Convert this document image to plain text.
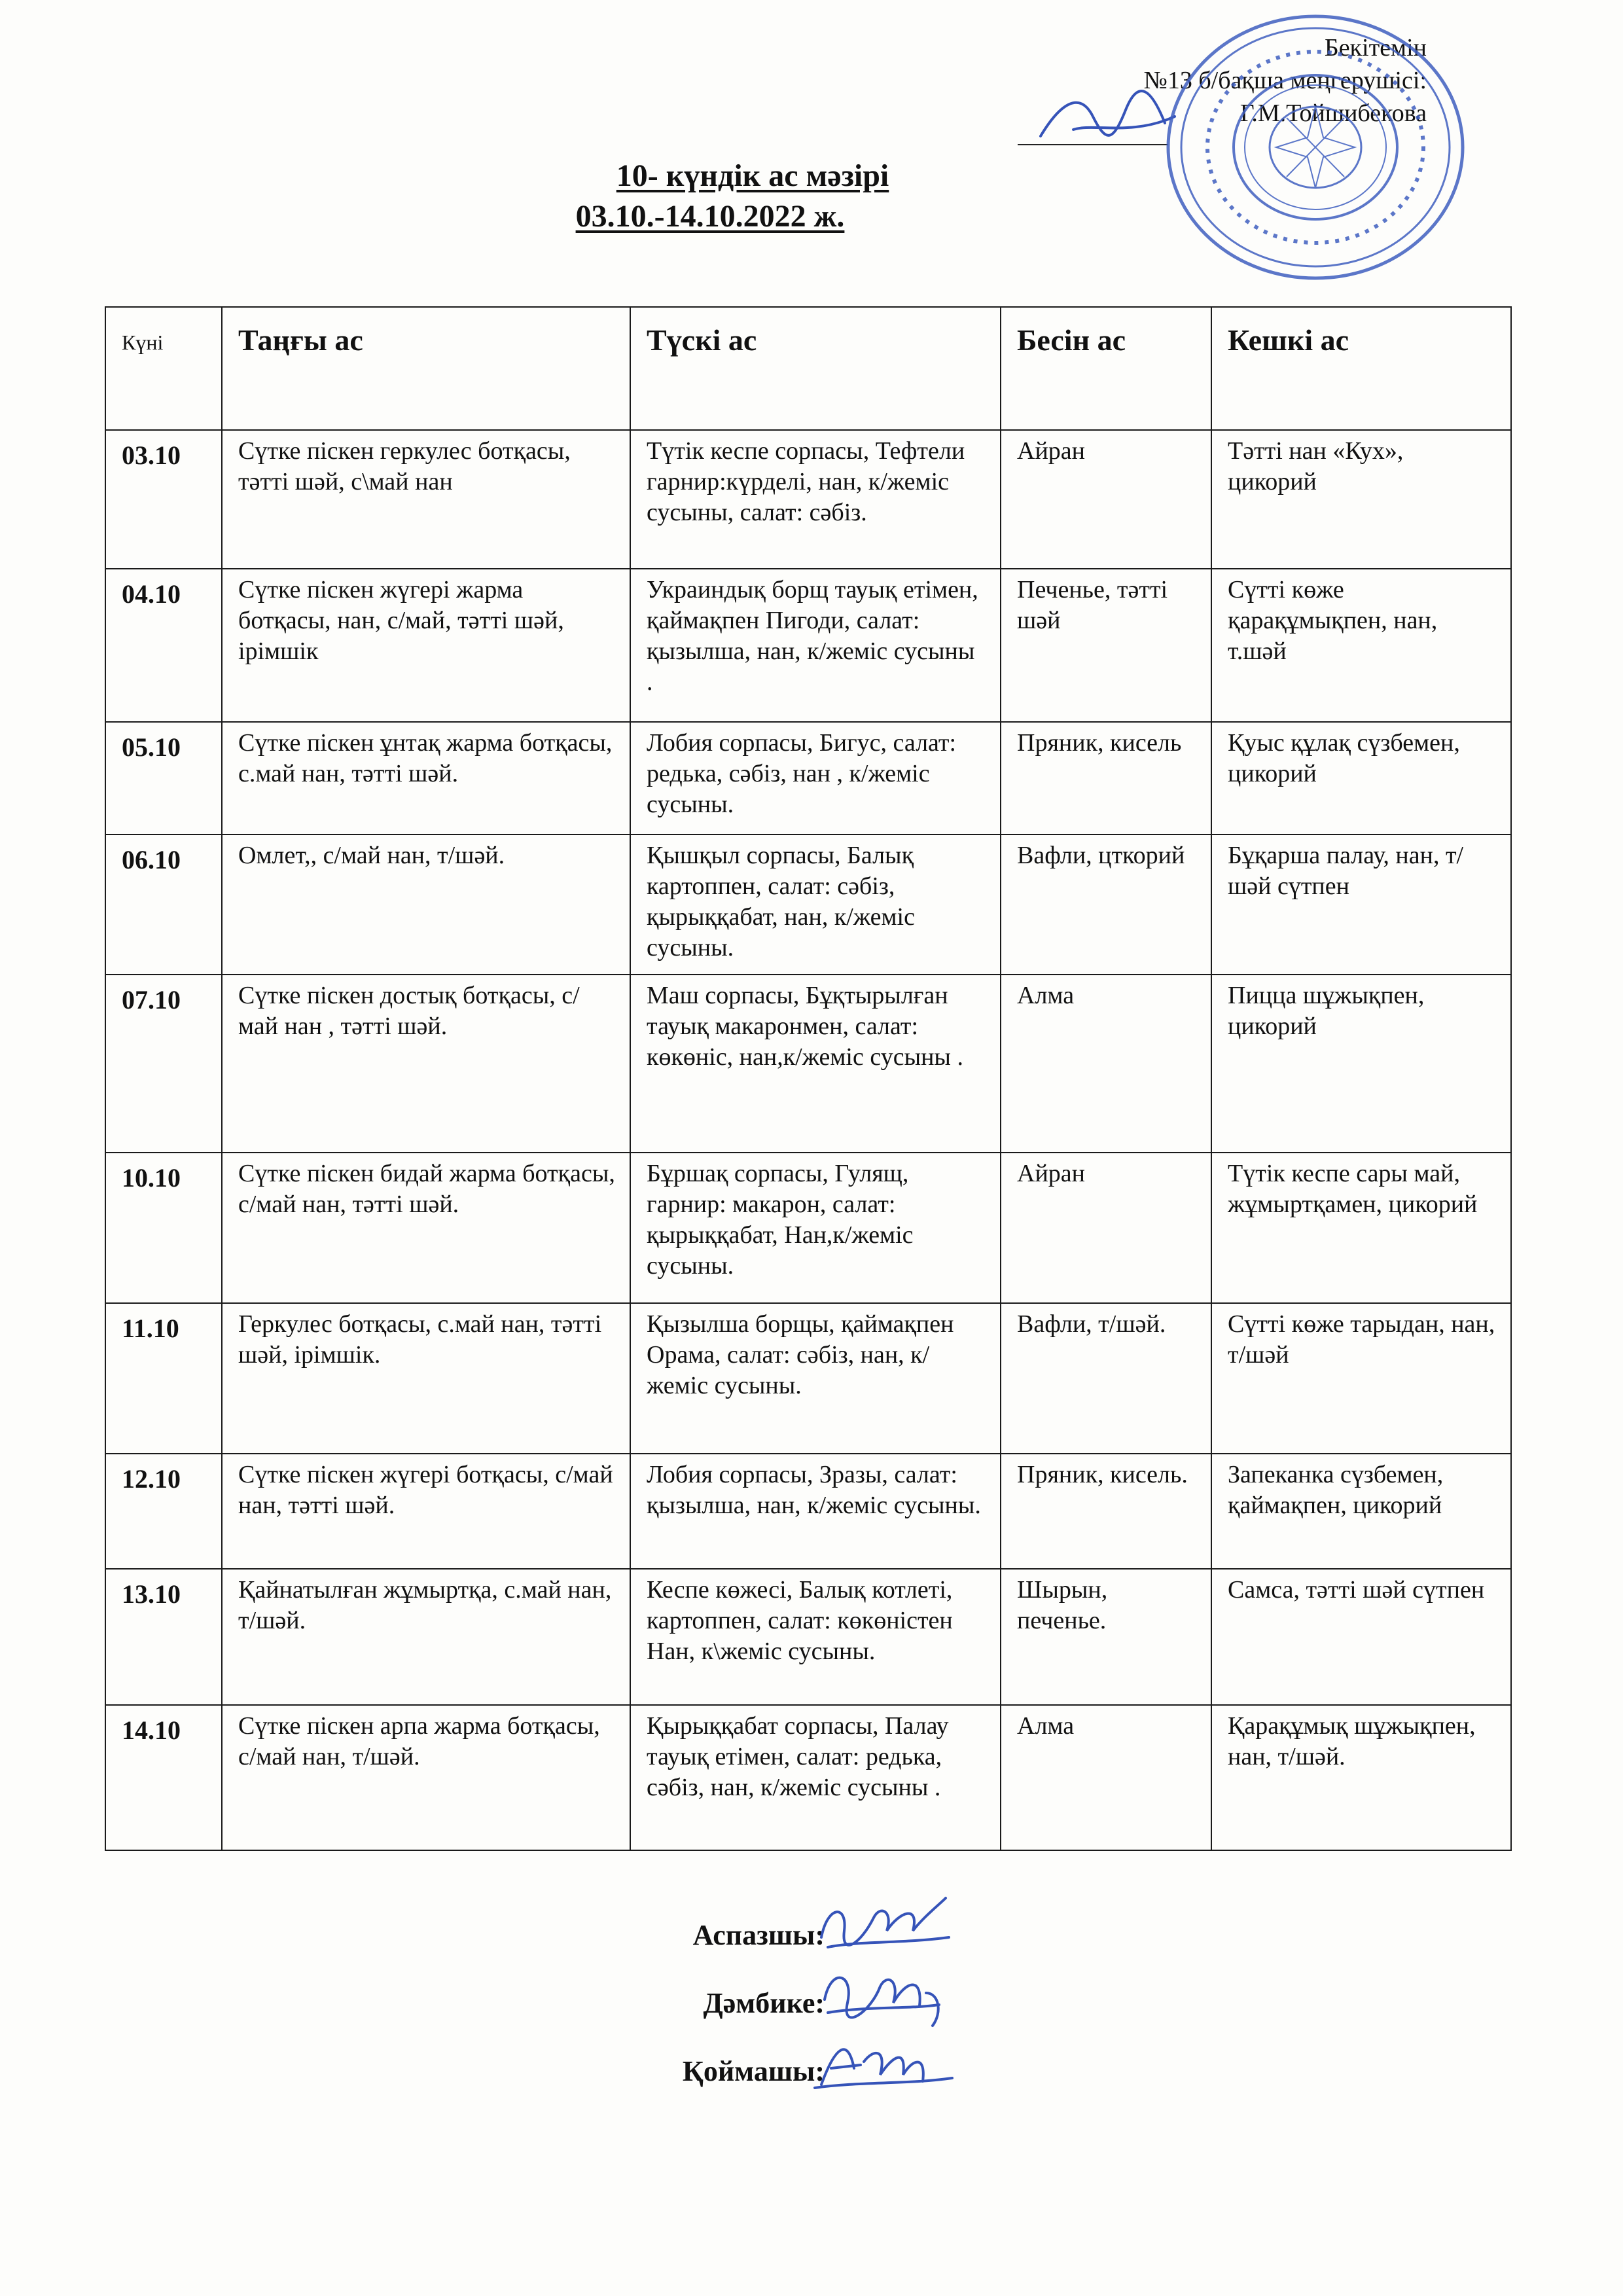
Бекітемін
№13 б/бақша меңгерушісі:
Г.М.Тойшибекова
10- күндік ас мәзірі
03.10.-14.10.2022 ж.
Күні	Таңғы ас	Түскі ас	Бесін ас	Кешкі ас
03.10	Сүтке піскен геркулес ботқасы, тәтті шәй, с\май нан	Түтік кеспе сорпасы, Тефтели гарнир:күрделі, нан, к/жеміс сусыны, салат: сәбіз.	Айран	Тәтті нан «Кух», цикорий
04.10	Сүтке піскен жүгері жарма ботқасы, нан, с/май, тәтті шәй, ірімшік	Украиндық борщ тауық етімен, қаймақпен Пигоди, салат: қызылша, нан, к/жеміс сусыны .	Печенье, тәтті шәй	Сүтті көже қарақұмықпен, нан, т.шәй
05.10	Сүтке піскен ұнтақ жарма ботқасы, с.май нан, тәтті шәй.	Лобия сорпасы, Бигус, салат: редька, сәбіз, нан , к/жеміс сусыны.	Пряник, кисель	Қуыс құлақ сүзбемен, цикорий
06.10	Омлет,, с/май нан, т/шәй.	Қышқыл сорпасы, Балық картоппен, салат: сәбіз, қырыққабат, нан, к/жеміс сусыны.	Вафли, цткорий	Бұқарша палау, нан, т/шәй сүтпен
07.10	Сүтке піскен достық ботқасы, с/май нан , тәтті шәй.	Маш сорпасы, Бұқтырылған тауық макаронмен, салат: көкөніс, нан,к/жеміс сусыны .	Алма	Пицца шұжықпен, цикорий
10.10	Сүтке піскен бидай жарма ботқасы, с/май нан, тәтті шәй.	Бұршақ сорпасы, Гулящ, гарнир: макарон, салат: қырыққабат, Нан,к/жеміс сусыны.	Айран	Түтік кеспе сары май, жұмыртқамен, цикорий
11.10	Геркулес ботқасы, с.май нан, тәтті шәй, ірімшік.	Қызылша борщы, қаймақпен Орама, салат: сәбіз, нан, к/жеміс сусыны.	Вафли, т/шәй.	Сүтті көже тарыдан, нан, т/шәй
12.10	Сүтке піскен жүгері ботқасы, с/май нан, тәтті шәй.	Лобия сорпасы, Зразы, салат: қызылша, нан, к/жеміс сусыны.	Пряник, кисель.	Запеканка сүзбемен, қаймақпен, цикорий
13.10	Қайнатылған жұмыртқа, с.май нан, т/шәй.	Кеспе көжесі, Балық котлеті, картоппен, салат: көкөністен Нан, к\жеміс сусыны.	Шырын, печенье.	Самса, тәтті шәй сүтпен
14.10	Сүтке піскен арпа жарма ботқасы, с/май нан, т/шәй.	Қырыққабат сорпасы, Палау тауық етімен, салат: редька, сәбіз, нан, к/жеміс сусыны .	Алма	Қарақұмық шұжықпен, нан, т/шәй.
Аспазшы:
Дәмбике:
Қоймашы:
